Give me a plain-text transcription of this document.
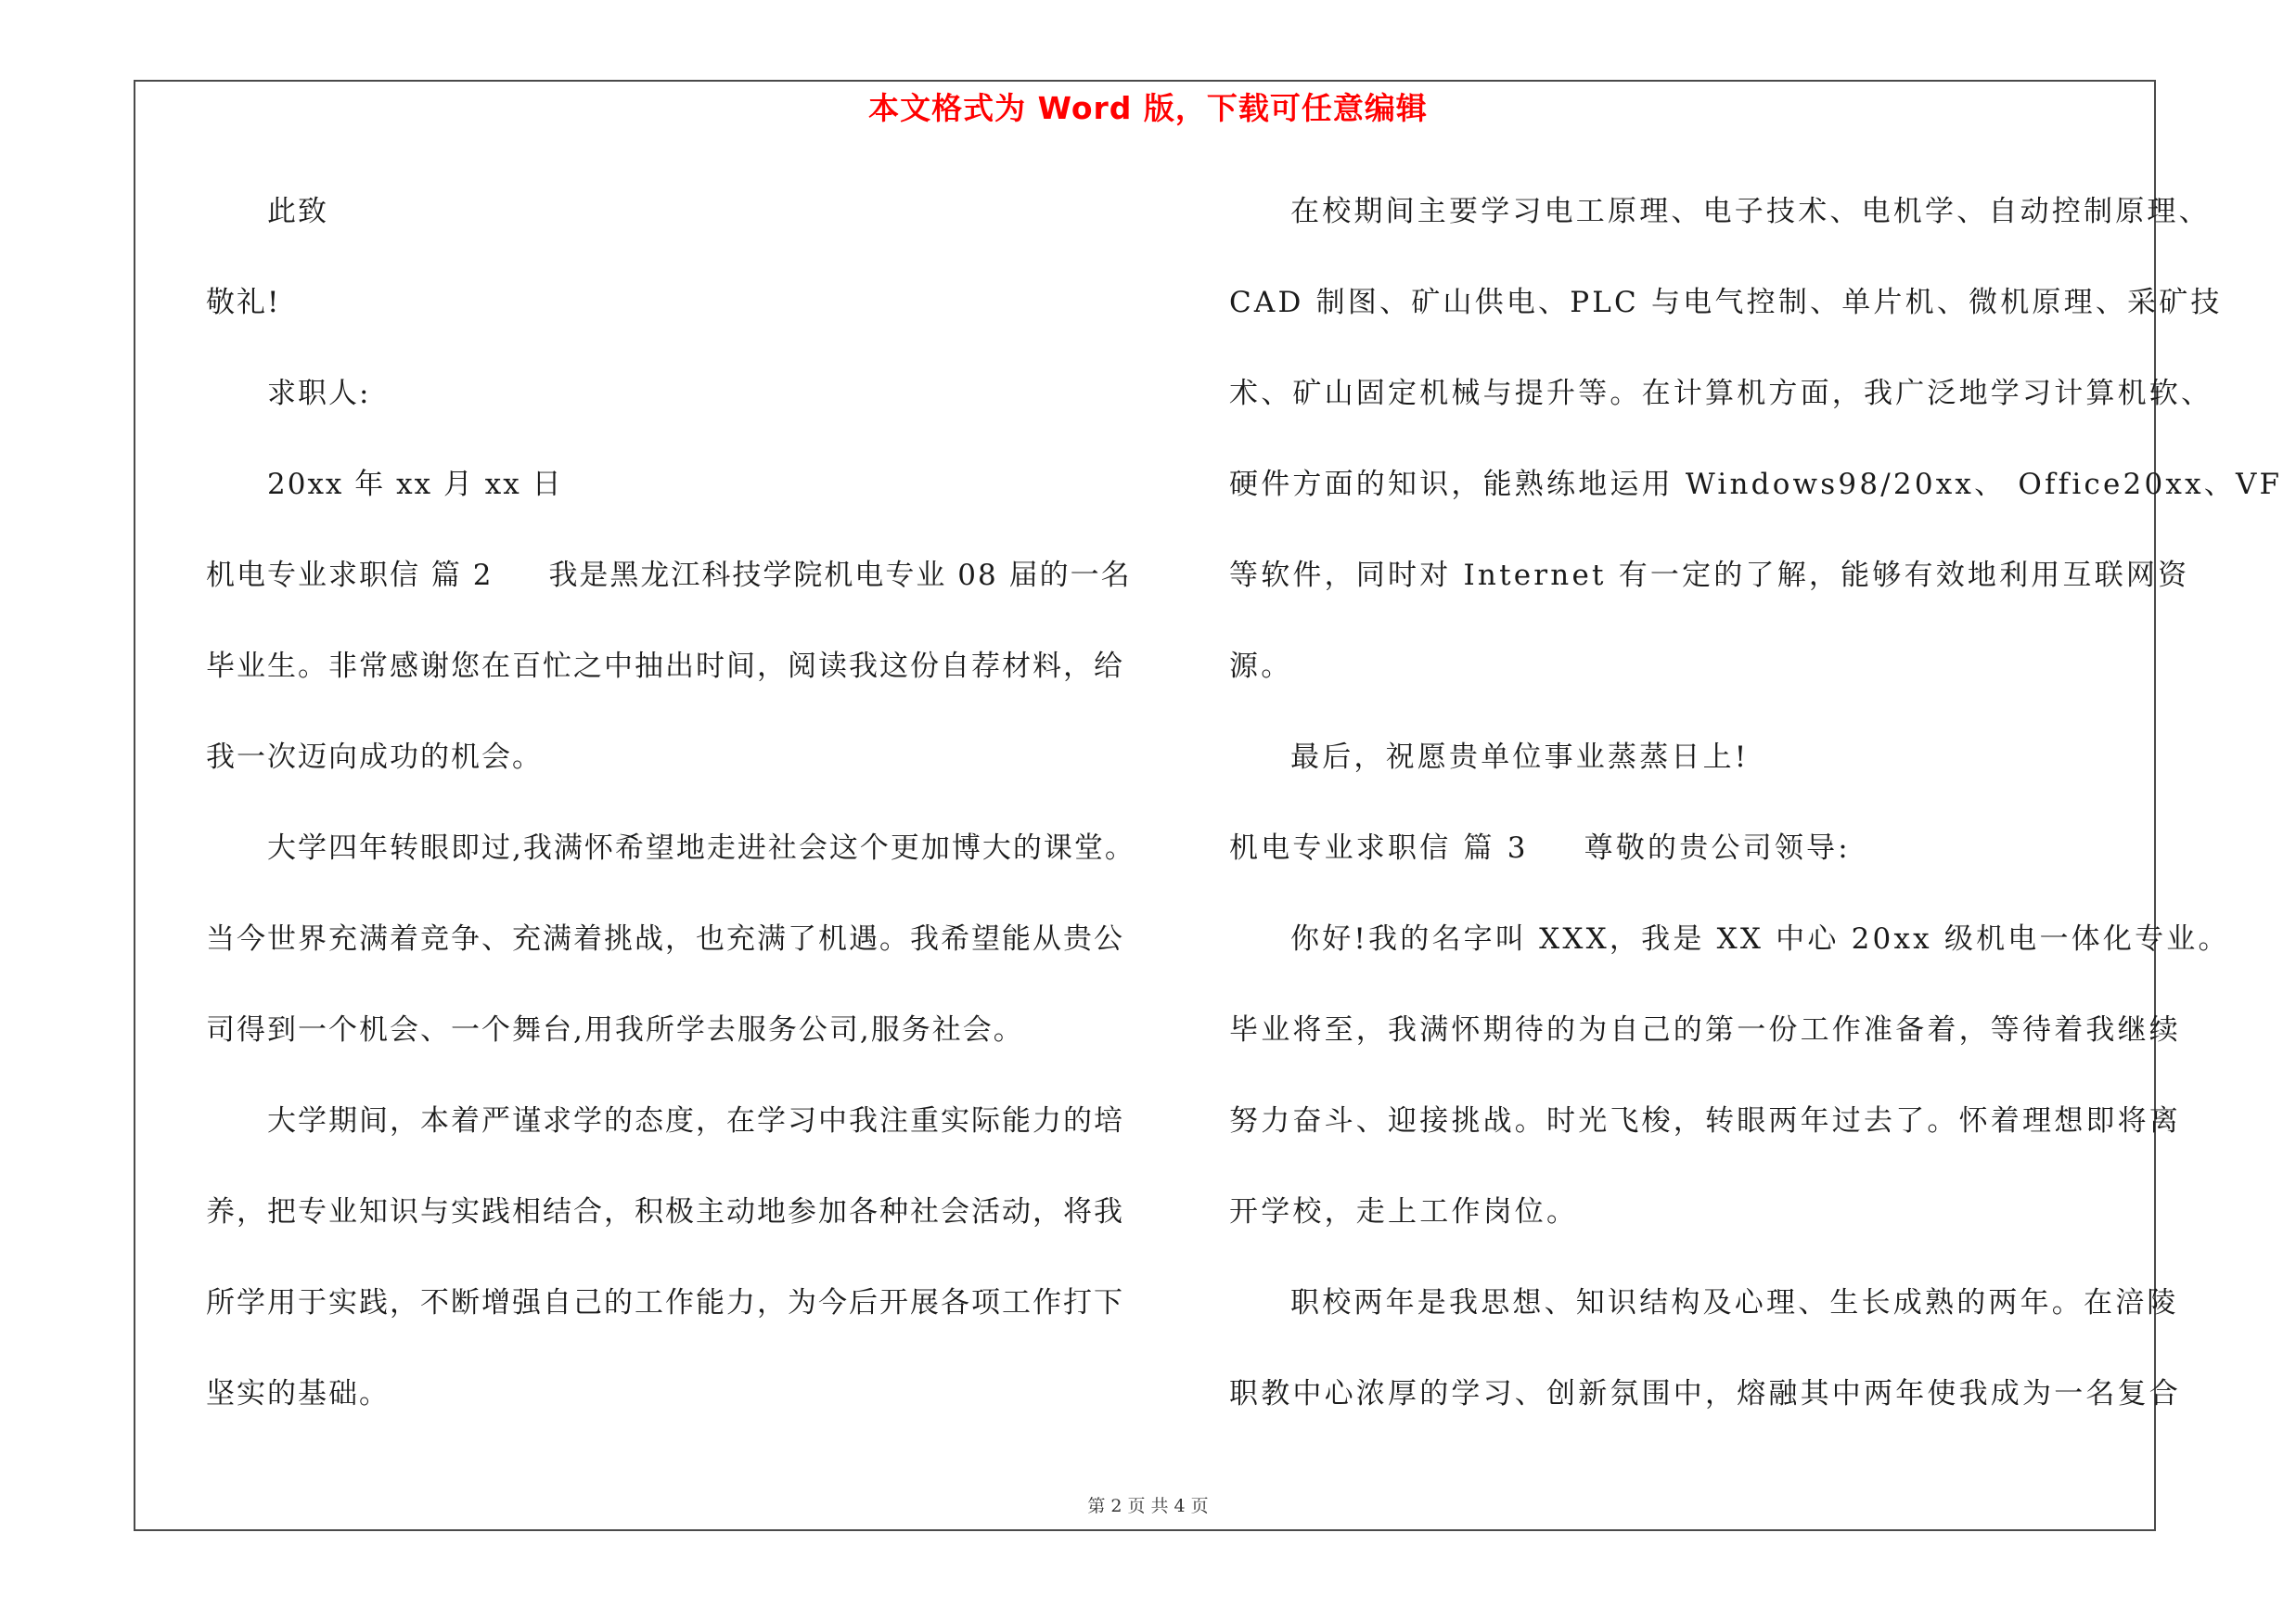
本文格式为 Word 版，下载可任意编辑
此致
敬礼!
求职人:
20xx 年 xx 月 xx 日
机电专业求职信 篇 2 我是黑龙江科技学院机电专业 08 届的一名
毕业生。非常感谢您在百忙之中抽出时间，阅读我这份自荐材料，给
我一次迈向成功的机会。
大学四年转眼即过,我满怀希望地走进社会这个更加博大的课堂。
当今世界充满着竞争、充满着挑战，也充满了机遇。我希望能从贵公
司得到一个机会、一个舞台,用我所学去服务公司,服务社会。
大学期间，本着严谨求学的态度，在学习中我注重实际能力的培
养，把专业知识与实践相结合，积极主动地参加各种社会活动，将我
所学用于实践，不断增强自己的工作能力，为今后开展各项工作打下
坚实的基础。
在校期间主要学习电工原理、电子技术、电机学、自动控制原理、
CAD 制图、矿山供电、PLC 与电气控制、单片机、微机原理、采矿技
术、矿山固定机械与提升等。在计算机方面，我广泛地学习计算机软、
硬件方面的知识，能熟练地运用 Windows98/20xx、 Office20xx、VF
等软件，同时对 Internet 有一定的了解，能够有效地利用互联网资
源。
最后，祝愿贵单位事业蒸蒸日上!
机电专业求职信 篇 3 尊敬的贵公司领导:
你好!我的名字叫 XXX，我是 XX 中心 20xx 级机电一体化专业。
毕业将至，我满怀期待的为自己的第一份工作准备着，等待着我继续
努力奋斗、迎接挑战。时光飞梭，转眼两年过去了。怀着理想即将离
开学校，走上工作岗位。
职校两年是我思想、知识结构及心理、生长成熟的两年。在涪陵
职教中心浓厚的学习、创新氛围中，熔融其中两年使我成为一名复合
第 2 页 共 4 页
